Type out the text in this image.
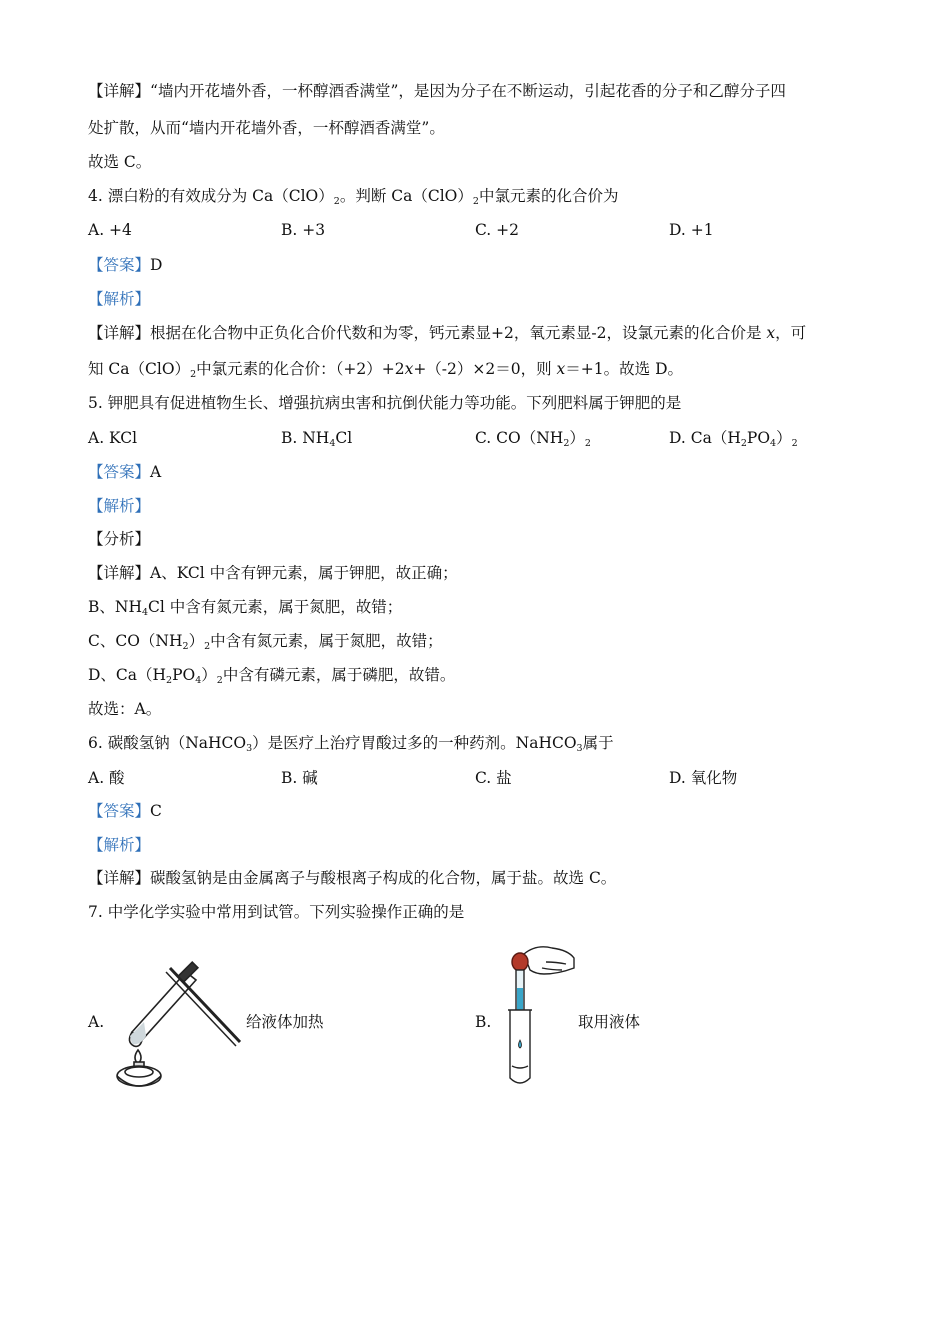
【详解】“墙内开花墙外香，一杯醇酒香满堂”，是因为分子在不断运动，引起花香的分子和乙醇分子四
处扩散，从而“墙内开花墙外香，一杯醇酒香满堂”。
故选 C。
4. 漂白粉的有效成分为 $Ca(ClO)_2$。判断 $Ca(ClO)_2$中氯元素的化合价为
A. +4	B. +3	C. +2	D. +1
【答案】D
【解析】
【详解】根据在化合物中正负化合价代数和为零，钙元素显+2，氧元素显-2，设氯元素的化合价是 x，可
知 $Ca(ClO)_2$中氯元素的化合价：（+2）+2x+（-2）×2＝0，则 x＝+1。故选 D。
5. 钾肥具有促进植物生长、增强抗病虫害和抗倒伏能力等功能。下列肥料属于钾肥的是
A. KCl	B. $NH_4Cl$	C. $CO(NH_2)_2$	D. $Ca(H_2PO_4)_2$
【答案】A
【解析】
【分析】
【详解】A、KCl 中含有钾元素，属于钾肥，故正确；
B、$NH_4Cl$ 中含有氮元素，属于氮肥，故错；
C、$CO(NH_2)_2$中含有氮元素，属于氮肥，故错；
D、$Ca(H_2PO_4)_2$中含有磷元素，属于磷肥，故错。
故选：A。
6. 碳酸氢钠（NaHCO$_3$）是医疗上治疗胃酸过多的一种药剂。NaHCO$_3$属于
A. 酸	B. 碱	C. 盐	D. 氧化物
【答案】C
【解析】
【详解】碳酸氢钠是由金属离子与酸根离子构成的化合物，属于盐。故选 C。
7. 中学化学实验中常用到试管。下列实验操作正确的是
A.	给液体加热	B.	取用液体
